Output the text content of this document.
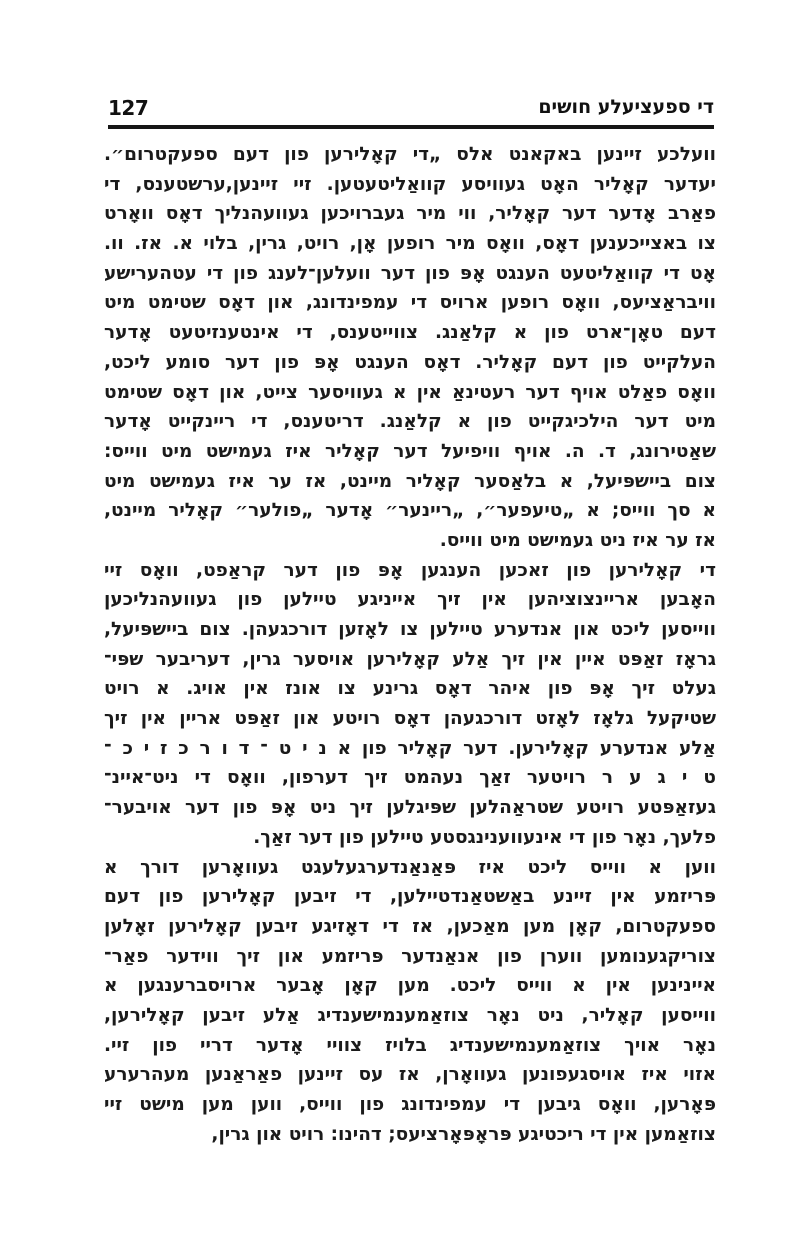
127	די ספעציעלע חושים
וועלכע זיינען באקאנט אלס „די קאָלירען פון דעם ספעקטרום״.
יעדער קאָליר האָט געוויסע קוואַליטעטען. זיי זיינען,ערשטענס, די
פאַרב אָדער דער קאָליר, ווי מיר געברויכען געוועהנליך דאָס וואָרט
צו באצייכענען דאָס, וואָס מיר רופען אָן, רויט, גרין, בלוי א. אז. וו.
אָט די קוואַליטעט הענגט אָפּ פון דער וועלען־לענג פון די עטהערישע
וויבראַציעס, וואָס רופען ארויס די עמפינדונג, און דאָס שטימט מיט
דעם טאָן־ארט פון א קלאַנג. צווייטענס, די אינטענזיטעט אָדער
העלקייט פון דעם קאָליר. דאָס הענגט אָפּ פון דער סומע ליכט,
וואָס פאַלט אויף דער רעטינאַ אין א געוויסער צייט, און דאָס שטימט
מיט דער הילכיגקייט פון א קלאַנג. דריטענס, די ריינקייט אָדער
שאַטירונג, ד. ה. אויף וויפיעל דער קאָליר איז געמישט מיט ווייס:
צום ביישפּיעל, א בלאַסער קאָליר מיינט, אז ער איז געמישט מיט
א סך ווייס; א „טיעפער״, „ריינער״ אָדער „פולער״ קאָליר מיינט,
אז ער איז ניט געמישט מיט ווייס.
די קאָלירען פון זאכען הענגען אָפּ פון דער קראַפט, וואָס זיי
האָבען אריינצוציהען אין זיך אייניגע טיילען פון געוועהנליכען
ווייסען ליכט און אנדערע טיילען צו לאָזען דורכגעהן. צום ביישפּיעל,
גראָז זאַפּט איין אין זיך אַלע קאָלירען אויסער גרין, דעריבער שפּי־
געלט זיך אָפּ פון איהר דאָס גרינע צו אונז אין אויג. א רויט
שטיקעל גלאָז לאָזט דורכגעהן דאָס רויטע און זאַפּט אריין אין זיך
אַלע אנדערע קאָלירען. דער קאָליר פון א נ י ט ־ ד ו ר כ ז י כ ־
ט י ג ע ר רויטער זאַך נעהמט זיך דערפון, וואָס די ניט־איינ־
געזאַפּטע רויטע שטראַהלען שפּיגלען זיך ניט אָפּ פון דער אויבער־
פלעך, נאָר פון די אינעווענינגסטע טיילען פון דער זאַך.
ווען א ווייס ליכט איז פּאַנאַנדערגעלעגט געוואָרען דורך א
פּריזמע אין זיינע באַשטאַנדטיילען, די זיבען קאָלירען פון דעם
ספעקטרום, קאָן מען מאַכען, אז די דאָזיגע זיבען קאָלירען זאָלען
צוריקגענומען ווערן פון אנאַנדער פּריזמע און זיך ווידער פאַר־
איינינען אין א ווייס ליכט. מען קאָן אָבער ארויסברענגען א
ווייסען קאָליר, ניט נאָר צוזאַמענמישענדיג אַלע זיבען קאָלירען,
נאָר אויך צוזאַמענמישענדיג בלויז צוויי אָדער דריי פון זיי.
אזוי איז אויסגעפונען געוואָרן, אז עס זיינען פאַראַנען מעהרערע
פּאָרען, וואָס גיבען די עמפינדונג פון ווייס, ווען מען מישט זיי
צוזאַמען אין די ריכטיגע פּראָפּאָרציעס; דהינו: רויט און גרין,
